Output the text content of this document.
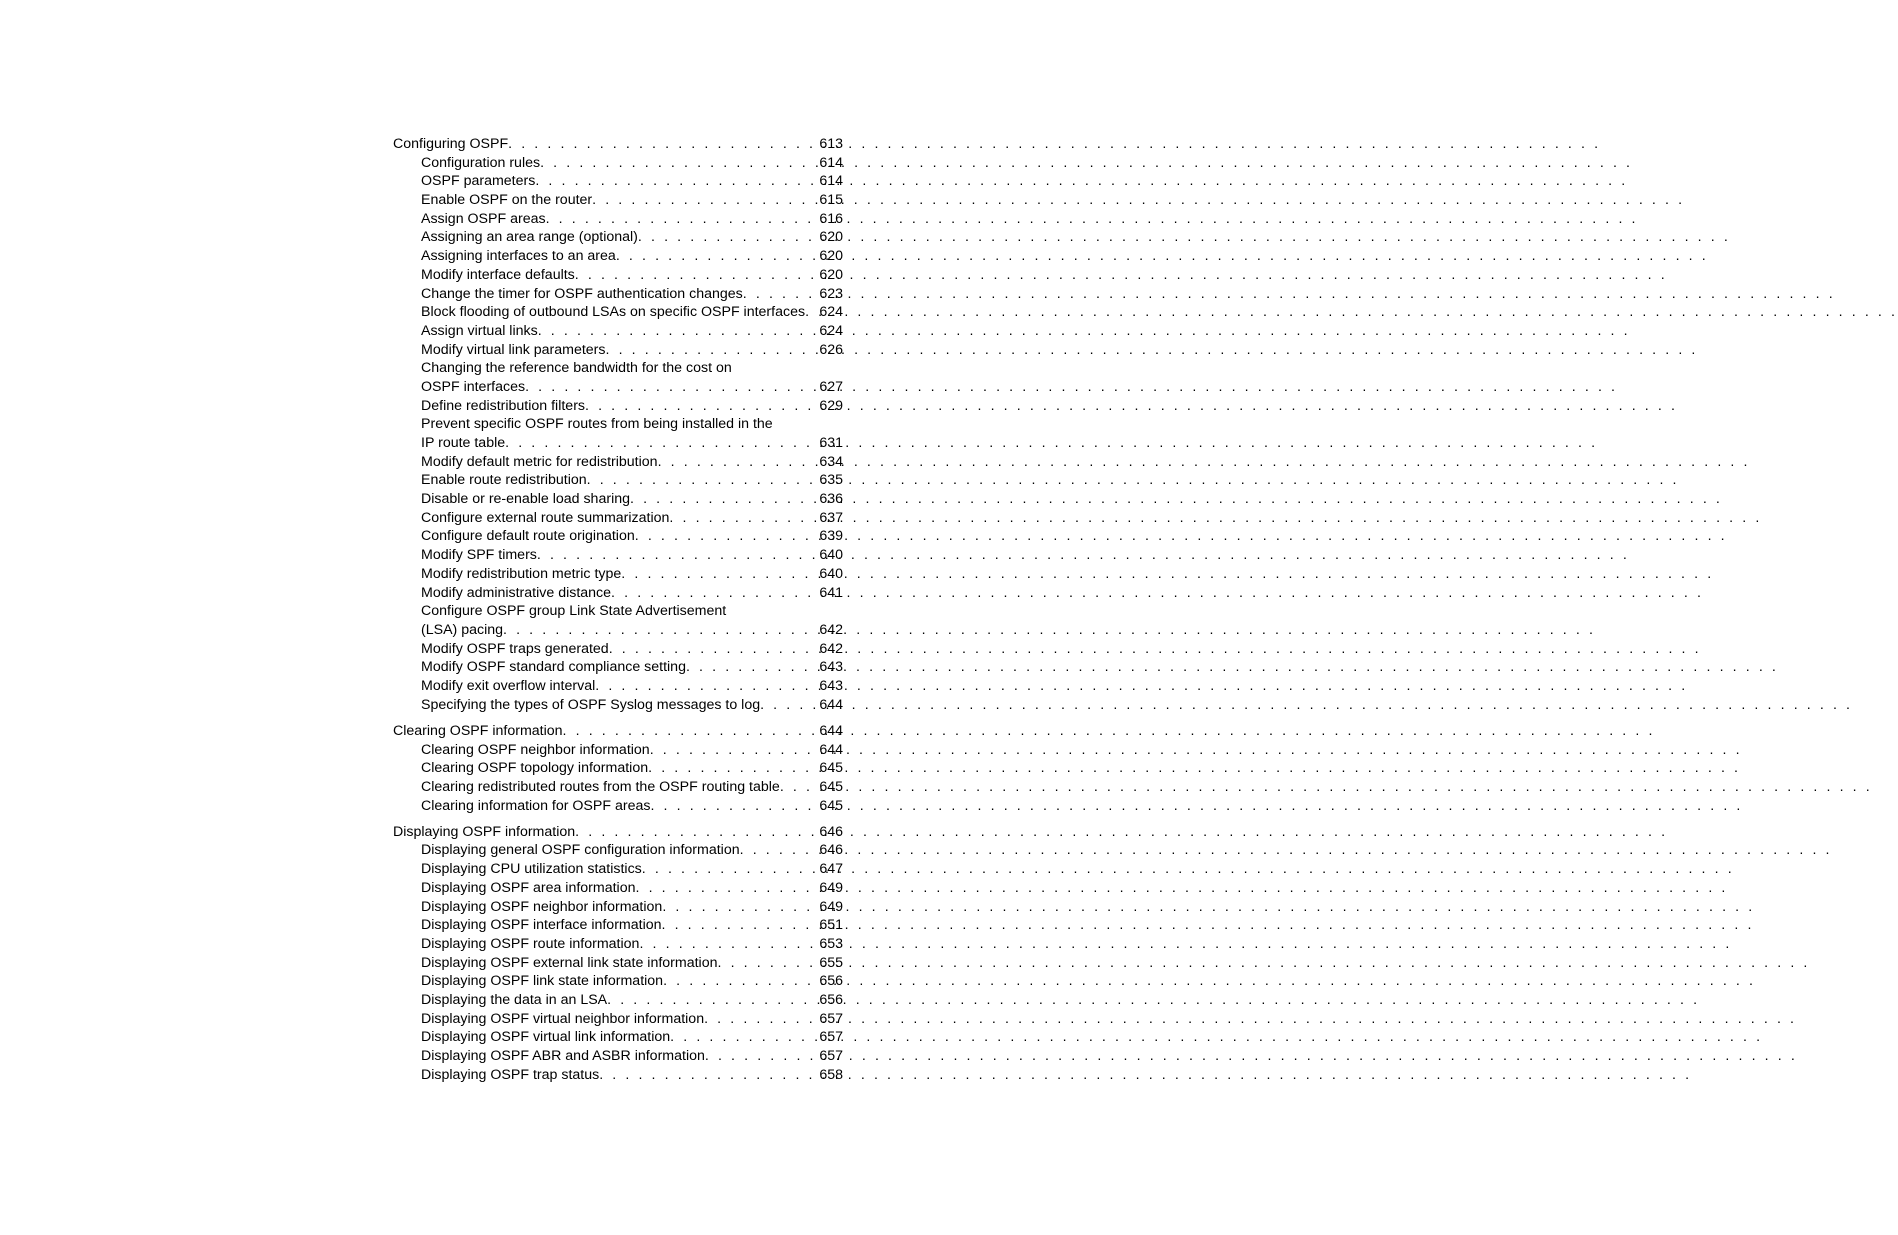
Configuring OSPF . . .	613
Configuration rules . . .	614
OSPF parameters . . .	614
Enable OSPF on the router . . .	615
Assign OSPF areas . . .	616
Assigning an area range (optional) . . .	620
Assigning interfaces to an area . . .	620
Modify interface defaults . . .	620
Change the timer for OSPF authentication changes . . .	623
Block flooding of outbound LSAs on specific OSPF interfaces . . . 624
Assign virtual links . . .	624
Modify virtual link parameters . . .	626
Changing the reference bandwidth for the cost on
OSPF interfaces . . .	627
Define redistribution filters . . .	629
Prevent specific OSPF routes from being installed in the
IP route table . . .	631
Modify default metric for redistribution . . .	634
Enable route redistribution . . .	635
Disable or re-enable load sharing . . .	636
Configure external route summarization . . .	637
Configure default route origination . . .	639
Modify SPF timers . . .	640
Modify redistribution metric type . . .	640
Modify administrative distance . . .	641
Configure OSPF group Link State Advertisement
(LSA) pacing . . .	642
Modify OSPF traps generated . . .	642
Modify OSPF standard compliance setting . . .	643
Modify exit overflow interval . . .	643
Specifying the types of OSPF Syslog messages to log . . .	644
Clearing OSPF information . . .	644
Clearing OSPF neighbor information . . .	644
Clearing OSPF topology information . . .	645
Clearing redistributed routes from the OSPF routing table . . .	645
Clearing information for OSPF areas . . .	645
Displaying OSPF information . . .	646
Displaying general OSPF configuration information . . .	646
Displaying CPU utilization statistics . . .	647
Displaying OSPF area information . . .	649
Displaying OSPF neighbor information . . .	649
Displaying OSPF interface information . . .	651
Displaying OSPF route information . . .	653
Displaying OSPF external link state information . . .	655
Displaying OSPF link state information . . .	656
Displaying the data in an LSA . . .	656
Displaying OSPF virtual neighbor information . . .	657
Displaying OSPF virtual link information . . .	657
Displaying OSPF ABR and ASBR information . . .	657
Displaying OSPF trap status . . .	658
